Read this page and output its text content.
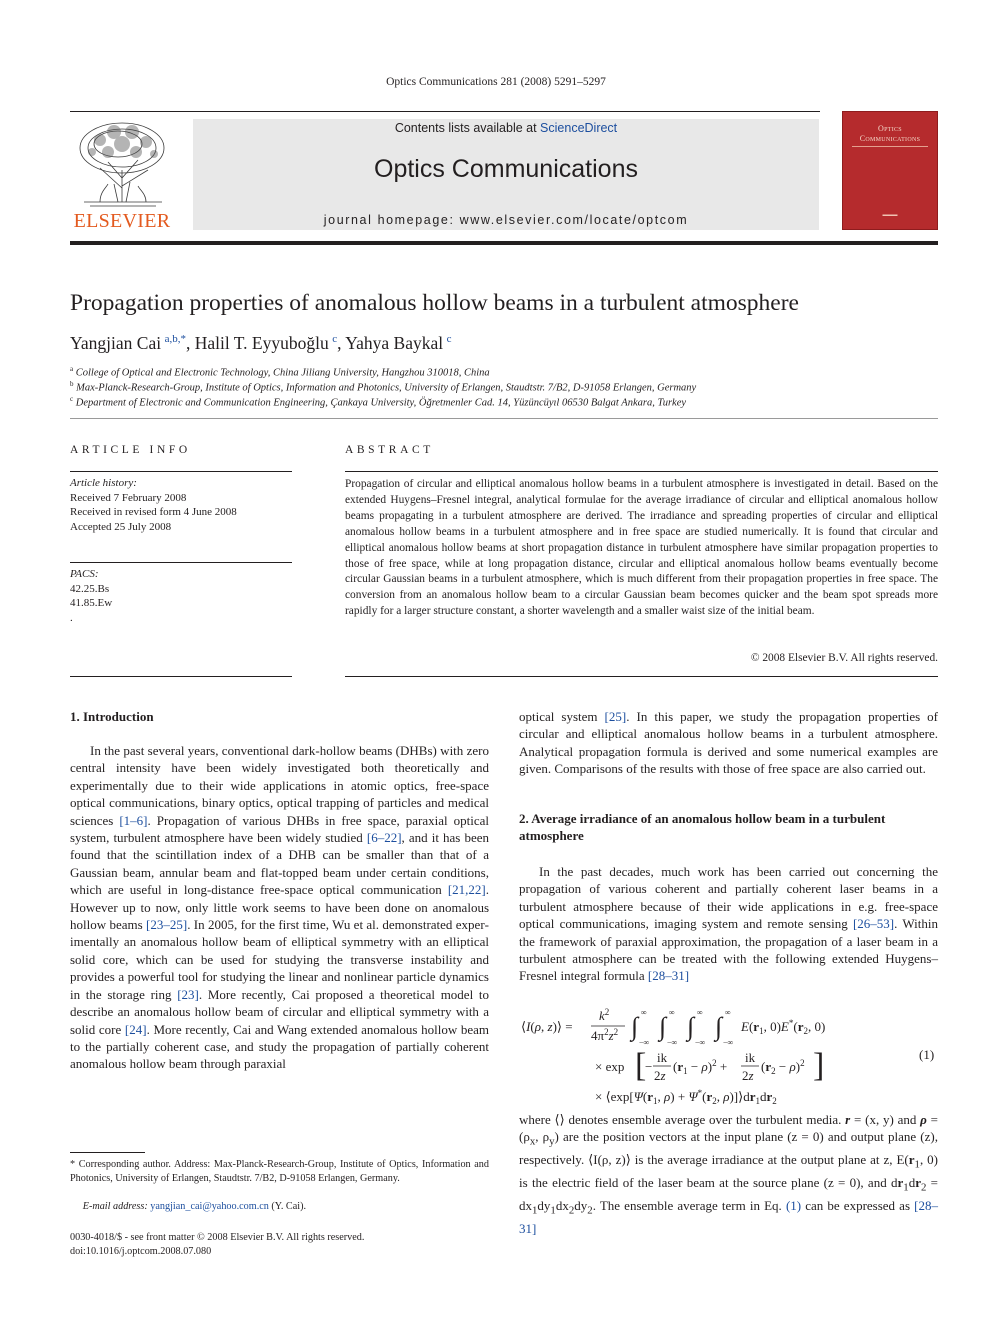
Optics Communications 281 (2008) 5291–5297
ELSEVIER
Contents lists available at ScienceDirect
Optics Communications
journal homepage: www.elsevier.com/locate/optcom
Optics Communications
▬▬▬
Propagation properties of anomalous hollow beams in a turbulent atmosphere
Yangjian Cai  $^{a,b,*}$, Halil T. Eyyuboğlu  $^c$, Yahya Baykal  $^c$
$^a$ College of Optical and Electronic Technology, China Jiliang University, Hangzhou 310018, China
$^b$ Max-Planck-Research-Group, Institute of Optics, Information and Photonics, University of Erlangen, Staudtstr. 7/B2, D-91058 Erlangen, Germany
$^c$ Department of Electronic and Communication Engineering, Çankaya University, Öğretmenler Cad. 14, Yüzüncüyıl 06530 Balgat Ankara, Turkey
ARTICLE INFO
Article history:
Received 7 February 2008
Received in revised form 4 June 2008
Accepted 25 July 2008
PACS:
42.25.Bs
41.85.Ew
.
ABSTRACT
Propagation of circular and elliptical anomalous hollow beams in a turbulent atmosphere is investigated in detail. Based on the extended Huygens–Fresnel integral, analytical formulae for the average irradiance of circular and elliptical anomalous hollow beams propagating in a turbulent atmosphere are derived. The irradiance and spreading properties of circular and elliptical anomalous hollow beams in a turbulent atmosphere and in free space are studied numerically. It is found that circular and elliptical anomalous hollow beams at short propagation distance in turbulent atmosphere have similar propagation properties to those of free space, while at long propagation distance, circular and elliptical anomalous hollow beams eventually become circular Gaussian beams in a turbulent atmosphere, which is much different from their propagation properties in free space. The conversion from an anomalous hollow beam to a circular Gaussian beam becomes quicker and the beam spot spreads more rapidly for a larger structure constant, a shorter wavelength and a smaller waist size of the initial beam.
© 2008 Elsevier B.V. All rights reserved.
1. Introduction

In the past several years, conventional dark-hollow beams (DHBs) with zero central intensity have been widely investigated both theoretically and experimentally due to their wide applications in atomic optics, free-space optical communications, binary optics, optical trapping of particles and medical sciences [1–6]. Propagation of various DHBs in free space, paraxial optical system, turbulent atmosphere have been widely studied [6–22], and it has been found that the scintillation index of a DHB can be smaller than that of a Gaussian beam, annular beam and flat-topped beam under certain conditions, which are useful in long-distance free-space optical communication [21,22]. However up to now, only little work seems to have been done on anomalous hollow beams [23–25]. In 2005, for the first time, Wu et al. demonstrated experimentally an anomalous hollow beam of elliptical symmetry with an elliptical solid core, which can be used for studying the transverse instability and provides a powerful tool for studying the linear and nonlinear particle dynamics in the storage ring [23]. More recently, Cai proposed a theoretical model to describe an anomalous hollow beam of circular and elliptical symmetry with a solid core [24]. More recently, Cai and Wang extended anomalous hollow beam to the partially coherent case, and study the propagation of partially coherent anomalous hollow beam through paraxial

optical system [25]. In this paper, we study the propagation properties of circular and elliptical anomalous hollow beams in a turbulent atmosphere. Analytical propagation formula is derived and some numerical examples are given. Comparisons of the results with those of free space are also carried out.

2. Average irradiance of an anomalous hollow beam in a turbulent atmosphere

In the past decades, much work has been carried out concerning the propagation of various coherent and partially coherent laser beams in a turbulent atmosphere because of their wide applications in e.g. free-space optical communications, imaging system and remote sensing [26–53]. Within the framework of paraxial approximation, the propagation of a laser beam in a turbulent atmosphere can be treated with the following extended Huygens–Fresnel integral formula [28–31]

⟨I(ρ, z)⟩ =
$k^2$
$4\pi^2z^2$ ∫ ∞
−∞
∫ ∞
−∞
∫ ∞
−∞
∫ ∞
−∞
$E(r_1$, $0)E^*(r_2$, 0)
× exp [
−
ik
2z
$(r_1 - \rho)^2$ +
ik
2z
$(r_2 - \rho)^2$ ]
× $⟨\exp[\Psi(r_1$, $\rho) + \Psi^*(r_2$, $\rho)]⟩dr_1dr_2$
(1)

where ⟨⟩ denotes ensemble average over the turbulent media. r = (x, y) and $\rho = (\rho_x$, $\rho_y$) are the position vectors at the input plane (z = 0) and output plane (z), respectively. ⟨I(ρ, z)⟩ is the average irradiance at the output plane at z, $E(r_1$, 0) is the electric field of the laser beam at the source plane (z = 0), and $dr_1dr_2 = dx_1dy_1dx_2dy_2$. The ensemble average term in Eq. (1) can be expressed as [28–31]

* Corresponding author. Address: Max-Planck-Research-Group, Institute of Optics, Information and Photonics, University of Erlangen, Staudtstr. 7/B2, D-91058 Erlangen, Germany.
E-mail address: yangjian_cai@yahoo.com.cn (Y. Cai).
0030-4018/$ - see front matter © 2008 Elsevier B.V. All rights reserved.
doi:10.1016/j.optcom.2008.07.080
